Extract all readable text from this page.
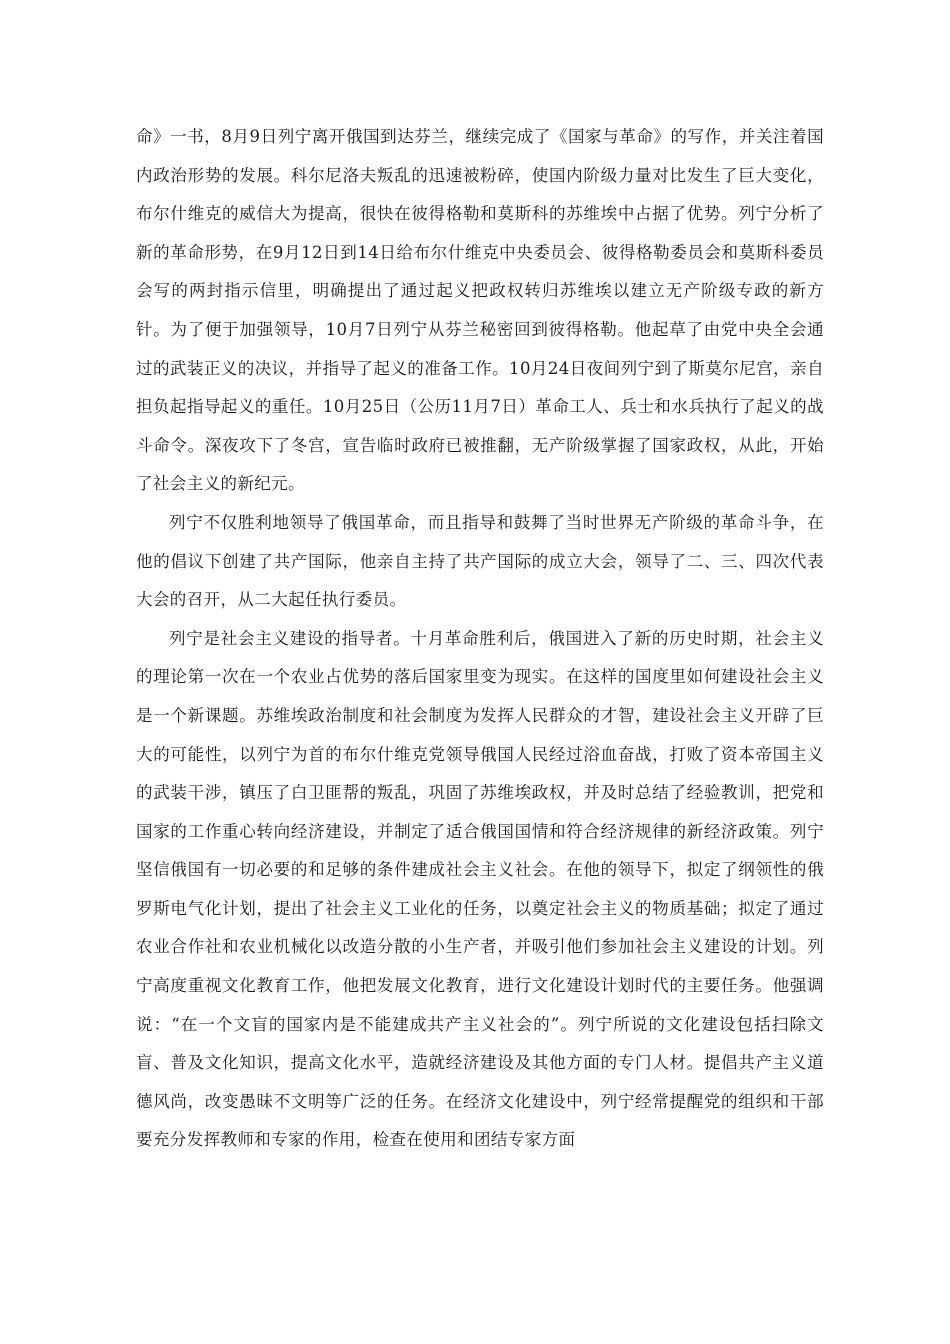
命》一书，8月9日列宁离开俄国到达芬兰，继续完成了《国家与革命》的写作，并关注着国内政治形势的发展。科尔尼洛夫叛乱的迅速被粉碎，使国内阶级力量对比发生了巨大变化，布尔什维克的威信大为提高，很快在彼得格勒和莫斯科的苏维埃中占据了优势。列宁分析了新的革命形势，在9月12日到14日给布尔什维克中央委员会、彼得格勒委员会和莫斯科委员会写的两封指示信里，明确提出了通过起义把政权转归苏维埃以建立无产阶级专政的新方针。为了便于加强领导，10月7日列宁从芬兰秘密回到彼得格勒。他起草了由党中央全会通过的武装正义的决议，并指导了起义的准备工作。10月24日夜间列宁到了斯莫尔尼宫，亲自担负起指导起义的重任。10月25日（公历11月7日）革命工人、兵士和水兵执行了起义的战斗命令。深夜攻下了冬宫，宣告临时政府已被推翻，无产阶级掌握了国家政权，从此，开始了社会主义的新纪元。

列宁不仅胜利地领导了俄国革命，而且指导和鼓舞了当时世界无产阶级的革命斗争，在他的倡议下创建了共产国际，他亲自主持了共产国际的成立大会，领导了二、三、四次代表大会的召开，从二大起任执行委员。

列宁是社会主义建设的指导者。十月革命胜利后，俄国进入了新的历史时期，社会主义的理论第一次在一个农业占优势的落后国家里变为现实。在这样的国度里如何建设社会主义是一个新课题。苏维埃政治制度和社会制度为发挥人民群众的才智，建设社会主义开辟了巨大的可能性，以列宁为首的布尔什维克党领导俄国人民经过浴血奋战，打败了资本帝国主义的武装干涉，镇压了白卫匪帮的叛乱，巩固了苏维埃政权，并及时总结了经验教训，把党和国家的工作重心转向经济建设，并制定了适合俄国国情和符合经济规律的新经济政策。列宁坚信俄国有一切必要的和足够的条件建成社会主义社会。在他的领导下，拟定了纲领性的俄罗斯电气化计划，提出了社会主义工业化的任务，以奠定社会主义的物质基础；拟定了通过农业合作社和农业机械化以改造分散的小生产者，并吸引他们参加社会主义建设的计划。列宁高度重视文化教育工作，他把发展文化教育，进行文化建设计划时代的主要任务。他强调说：“在一个文盲的国家内是不能建成共产主义社会的”。列宁所说的文化建设包括扫除文盲、普及文化知识，提高文化水平，造就经济建设及其他方面的专门人材。提倡共产主义道德风尚，改变愚昧不文明等广泛的任务。在经济文化建设中，列宁经常提醒党的组织和干部要充分发挥教师和专家的作用，检查在使用和团结专家方面
